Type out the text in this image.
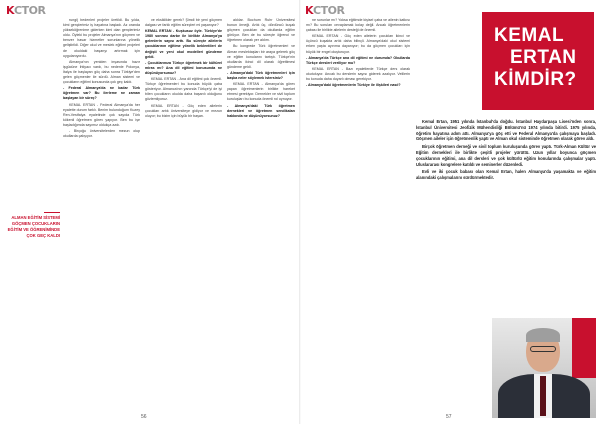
KCTOR	KCTOR
ALMAN EĞİTİM SİSTEMİ GÖÇMEN ÇOCUKLARIN EĞİTİM VE ÖĞRENİMİNDE ÇOK GEÇ KALDI

rungi) bedenleri projeler üretildi. Bu yılda, kimi gençlerimiz iş hayatına başladı. Az oranda yükseköğrenime giderken kimi olan gençlerimiz oldu. Öyleki bu projeler Almanya'nın göçmen ve benzer hasar hizmetler sorunlarına yönelik geliştirildi. Diğer okul ve meslek eğitimi projeleri de okuldaki başarıyı artırmak için uygulanıyordu.

Almanya'nın yeniden inşasında hazır işgücüne ihtiyacı vardı, bu nedenle Polonya, İtalya ile başlayan göç daha sonra Türkiye'den gelen göçmenler ile sürdü. Alman sistemi ve çocukların eğitimi konusunda çok geç kaldı.

- Federal Almanya'da ne kadar Türk öğretmen var? Bu ilerleme ne zaman başlayan bir süreç?

KEMAL ERTAN - Federal Almanya'da her eyalette durum farklı. Benim bulunduğum Kuzey Ren-Vestfalya eyaletinde çok sayıda Türk kökenli öğretmen görev yapıyor. Ben bu işe başladığımda sayımız oldukça azdı.

- Birçoğu üniversitelerden mezun olup okullarda çalışıyor.

ve eksiklikler gerek? Şimdi bir yeni göçmen dalgası ve farklı eğitim süreçleri mi yaşanıyor?

KEMAL ERTAN - Kuşkusuz öyle. Türkiye'de 1980 sonrası darbe ile birlikte Almanya'ya gelenlerin sayısı arttı. Bu süreçte ailelerin çocuklarının eğitime yönelik beklentileri de değişti ve yeni okul modelleri gündeme geldi.

- Çocuklarınıza Türkçe öğretmek bir kültürel miras mı? Ana dil eğitimi konusunda ne düşünüyorsunuz?

KEMAL ERTAN - Ana dil eğitimi çok önemli. Türkçe öğretmenleri bu konuda büyük çaba gösteriyor. Almanca'nın yanında Türkçe'yi de iyi bilen çocukların okulda daha başarılı olduğunu gözlemliyoruz.

KEMAL ERTAN - Göç eden ailelerin çocukları artık üniversiteye gidiyor ve mezun oluyor; bu bizim için büyük bir başarı.

aldılar. Bochum Ruhr Üniversitesi bunun örneği. Artık üç, dördüncü kuşak göçmen çocukları da okullarda eğitim görüyor. Ben de bu süreçte öğrenci ve öğretmen olarak yer aldım.

Bu kongrede Türk öğretmenleri ve Alman meslektaşları bir araya gelerek göç ve eğitim konularını tartıştı. Türkçe'nin okullarda ikinci dil olarak öğretilmesi gündeme geldi.

- Almanya'daki Türk öğretmenleri için başka neler söylemek istersiniz?

KEMAL ERTAN - Almanya'da görev yapan öğretmenlerin birlikte hareket etmesi gerekiyor. Dernekler ve sivil toplum kuruluşları bu konuda önemli rol oynuyor.

- Almanya'daki Türk öğretmen dernekleri ve öğretmen sendikaları hakkında ne düşünüyorsunuz?

ne sorunlar mı? Yoksa eğitimde kişisel çaba ve ailenin katkısı mı? Bu soruları cevaplamak kolay değil. Ancak öğretmenlerin çabası ile birlikte ailelerin desteği de önemli.

KEMAL ERTAN - Göç eden ailelerin çocukları ikinci ve üçüncü kuşakta artık daha bilinçli. Almanya'daki okul sistemi erken yaşta ayırıma dayanıyor; bu da göçmen çocukları için büyük bir engel oluşturuyor.

- Almanya'da Türkçe ana dil eğitimi ne durumda? Okullarda Türkçe dersleri veriliyor mu?

KEMAL ERTAN - Bazı eyaletlerde Türkçe ders olarak okutuluyor. Ancak bu derslerin sayısı giderek azalıyor. Velilerin bu konuda daha duyarlı olması gerekiyor.

- Almanya'daki öğretmenlerin Türkiye ile ilişkileri nasıl?

KEMAL
ERTAN
KİMDİR?

Kemal Ertan, 1951 yılında İstanbul'da doğdu. İstanbul Haydarpaşa Lisesi'nden sonra, İstanbul Üniversitesi Jeofizik Mühendisliği Bölümü'nü 1974 yılında bitirdi. 1975 yılında, öğretim hayatına adım attı. Almanya'ya göç etti ve Federal Almanya'da çalışmaya başladı. Göçmen aileler için öğretmenlik yaptı ve Alman okul sisteminde öğretmen olarak görev aldı.

Birçok öğretmen derneği ve sivil toplum kuruluşunda görev yaptı. Türk-Alman Kültür ve Eğitim dernekleri ile birlikte çeşitli projeler yürüttü. Uzun yıllar boyunca göçmen çocuklarının eğitimi, ana dil dersleri ve çok kültürlü eğitim konularında çalışmalar yaptı. Uluslararası kongrelere katıldı ve seminerler düzenledi.

Evli ve iki çocuk babası olan Kemal Ertan, halen Almanya'da yaşamakta ve eğitim alanındaki çalışmalarını sürdürmektedir.

56	57
